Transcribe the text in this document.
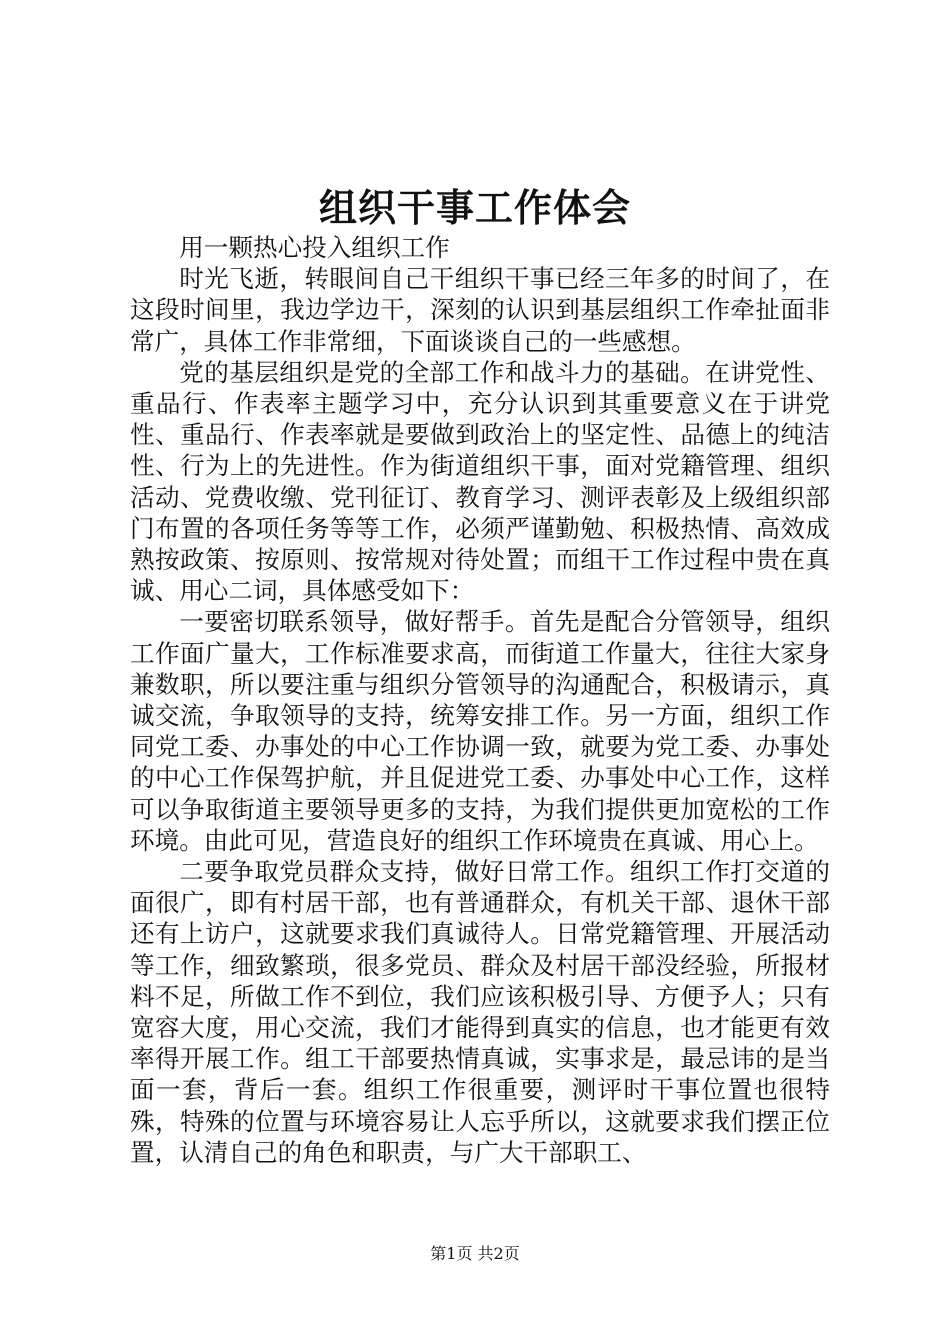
组织干事工作体会

用一颗热心投入组织工作

时光飞逝，转眼间自己干组织干事已经三年多的时间了，在这段时间里，我边学边干，深刻的认识到基层组织工作牵扯面非常广，具体工作非常细，下面谈谈自己的一些感想。

党的基层组织是党的全部工作和战斗力的基础。在讲党性、重品行、作表率主题学习中，充分认识到其重要意义在于讲党性、重品行、作表率就是要做到政治上的坚定性、品德上的纯洁性、行为上的先进性。作为街道组织干事，面对党籍管理、组织活动、党费收缴、党刊征订、教育学习、测评表彰及上级组织部门布置的各项任务等等工作，必须严谨勤勉、积极热情、高效成熟按政策、按原则、按常规对待处置；而组干工作过程中贵在真诚、用心二词，具体感受如下：

一要密切联系领导，做好帮手。首先是配合分管领导，组织工作面广量大，工作标准要求高，而街道工作量大，往往大家身兼数职，所以要注重与组织分管领导的沟通配合，积极请示，真诚交流，争取领导的支持，统筹安排工作。另一方面，组织工作同党工委、办事处的中心工作协调一致，就要为党工委、办事处的中心工作保驾护航，并且促进党工委、办事处中心工作，这样可以争取街道主要领导更多的支持，为我们提供更加宽松的工作环境。由此可见，营造良好的组织工作环境贵在真诚、用心上。

二要争取党员群众支持，做好日常工作。组织工作打交道的面很广，即有村居干部，也有普通群众，有机关干部、退休干部还有上访户，这就要求我们真诚待人。日常党籍管理、开展活动等工作，细致繁琐，很多党员、群众及村居干部没经验，所报材料不足，所做工作不到位，我们应该积极引导、方便予人；只有宽容大度，用心交流，我们才能得到真实的信息，也才能更有效率得开展工作。组工干部要热情真诚，实事求是，最忌讳的是当面一套，背后一套。组织工作很重要，测评时干事位置也很特殊，特殊的位置与环境容易让人忘乎所以，这就要求我们摆正位置，认清自己的角色和职责，与广大干部职工、

第1页 共2页
